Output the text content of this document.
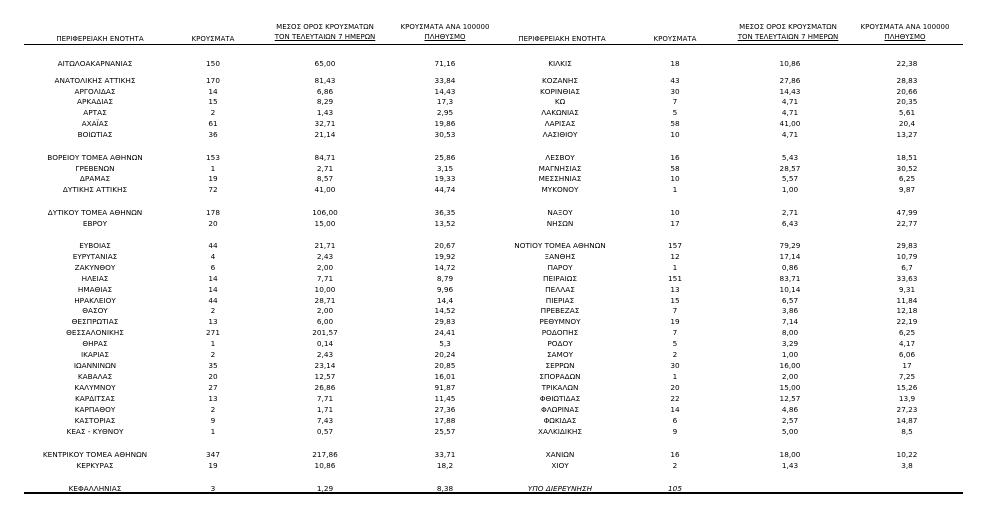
ΠΕΡΙΦΕΡΕΙΑΚΗ ΕΝΟΤΗΤΑ	ΚΡΟΥΣΜΑΤΑ
ΜΕΣΟΣ ΟΡΟΣ ΚΡΟΥΣΜΑΤΩΝ
ΤΟΝ ΤΕΛΕΥΤΑΙΩΝ 7 ΗΜΕΡΩΝ
ΚΡΟΥΣΜΑΤΑ ΑΝΑ 100000
ΠΛΗΘΥΣΜΟ	ΠΕΡΙΦΕΡΕΙΑΚΗ ΕΝΟΤΗΤΑ	ΚΡΟΥΣΜΑΤΑ
ΜΕΣΟΣ ΟΡΟΣ ΚΡΟΥΣΜΑΤΩΝ
ΤΟΝ ΤΕΛΕΥΤΑΙΩΝ 7 ΗΜΕΡΩΝ
ΚΡΟΥΣΜΑΤΑ ΑΝΑ 100000
ΠΛΗΘΥΣΜΟ
ΑΙΤΩΛΟΑΚΑΡΝΑΝΙΑΣ	150	65,00	71,16
ΑΝΑΤΟΛΙΚΗΣ ΑΤΤΙΚΗΣ	170	81,43	33,84
ΑΡΓΟΛΙΔΑΣ	14	6,86	14,43
ΑΡΚΑΔΙΑΣ	15	8,29	17,3
ΑΡΤΑΣ	2	1,43	2,95
ΑΧΑΪΑΣ	61	32,71	19,86
ΒΟΙΩΤΙΑΣ	36	21,14	30,53
ΒΟΡΕΙΟΥ ΤΟΜΕΑ ΑΘΗΝΩΝ	153	84,71	25,86
ΓΡΕΒΕΝΩΝ	1	2,71	3,15
ΔΡΑΜΑΣ	19	8,57	19,33
ΔΥΤΙΚΗΣ ΑΤΤΙΚΗΣ	72	41,00	44,74
ΔΥΤΙΚΟΥ ΤΟΜΕΑ ΑΘΗΝΩΝ	178	106,00	36,35
ΕΒΡΟΥ	20	15,00	13,52
ΕΥΒΟΙΑΣ	44	21,71	20,67
ΕΥΡΥΤΑΝΙΑΣ	4	2,43	19,92
ΖΑΚΥΝΘΟΥ	6	2,00	14,72
ΗΛΕΙΑΣ	14	7,71	8,79
ΗΜΑΘΙΑΣ	14	10,00	9,96
ΗΡΑΚΛΕΙΟΥ	44	28,71	14,4
ΘΑΣΟΥ	2	2,00	14,52
ΘΕΣΠΡΩΤΙΑΣ	13	6,00	29,83
ΘΕΣΣΑΛΟΝΙΚΗΣ	271	201,57	24,41
ΘΗΡΑΣ	1	0,14	5,3
ΙΚΑΡΙΑΣ	2	2,43	20,24
ΙΩΑΝΝΙΝΩΝ	35	23,14	20,85
ΚΑΒΑΛΑΣ	20	12,57	16,01
ΚΑΛΥΜΝΟΥ	27	26,86	91,87
ΚΑΡΔΙΤΣΑΣ	13	7,71	11,45
ΚΑΡΠΑΘΟΥ	2	1,71	27,36
ΚΑΣΤΟΡΙΑΣ	9	7,43	17,88
ΚΕΑΣ - ΚΥΘΝΟΥ	1	0,57	25,57
ΚΕΝΤΡΙΚΟΥ ΤΟΜΕΑ ΑΘΗΝΩΝ	347	217,86	33,71
ΚΕΡΚΥΡΑΣ	19	10,86	18,2
ΚΕΦΑΛΛΗΝΙΑΣ	3	1,29	8,38
ΚΙΛΚΙΣ	18	10,86	22,38
ΚΟΖΑΝΗΣ	43	27,86	28,83
ΚΟΡΙΝΘΙΑΣ	30	14,43	20,66
ΚΩ	7	4,71	20,35
ΛΑΚΩΝΙΑΣ	5	4,71	5,61
ΛΑΡΙΣΑΣ	58	41,00	20,4
ΛΑΣΙΘΙΟΥ	10	4,71	13,27
ΛΕΣΒΟΥ	16	5,43	18,51
ΜΑΓΝΗΣΙΑΣ	58	28,57	30,52
ΜΕΣΣΗΝΙΑΣ	10	5,57	6,25
ΜΥΚΟΝΟΥ	1	1,00	9,87
ΝΑΞΟΥ	10	2,71	47,99
ΝΗΣΩΝ	17	6,43	22,77
ΝΟΤΙΟΥ ΤΟΜΕΑ ΑΘΗΝΩΝ	157	79,29	29,83
ΞΑΝΘΗΣ	12	17,14	10,79
ΠΑΡΟΥ	1	0,86	6,7
ΠΕΙΡΑΙΩΣ	151	83,71	33,63
ΠΕΛΛΑΣ	13	10,14	9,31
ΠΙΕΡΙΑΣ	15	6,57	11,84
ΠΡΕΒΕΖΑΣ	7	3,86	12,18
ΡΕΘΥΜΝΟΥ	19	7,14	22,19
ΡΟΔΟΠΗΣ	7	8,00	6,25
ΡΟΔΟΥ	5	3,29	4,17
ΣΑΜΟΥ	2	1,00	6,06
ΣΕΡΡΩΝ	30	16,00	17
ΣΠΟΡΑΔΩΝ	1	2,00	7,25
ΤΡΙΚΑΛΩΝ	20	15,00	15,26
ΦΘΙΩΤΙΔΑΣ	22	12,57	13,9
ΦΛΩΡΙΝΑΣ	14	4,86	27,23
ΦΩΚΙΔΑΣ	6	2,57	14,87
ΧΑΛΚΙΔΙΚΗΣ	9	5,00	8,5
ΧΑΝΙΩΝ	16	18,00	10,22
ΧΙΟΥ	2	1,43	3,8
ΥΠΟ ΔΙΕΡΕΥΝΗΣΗ	105
